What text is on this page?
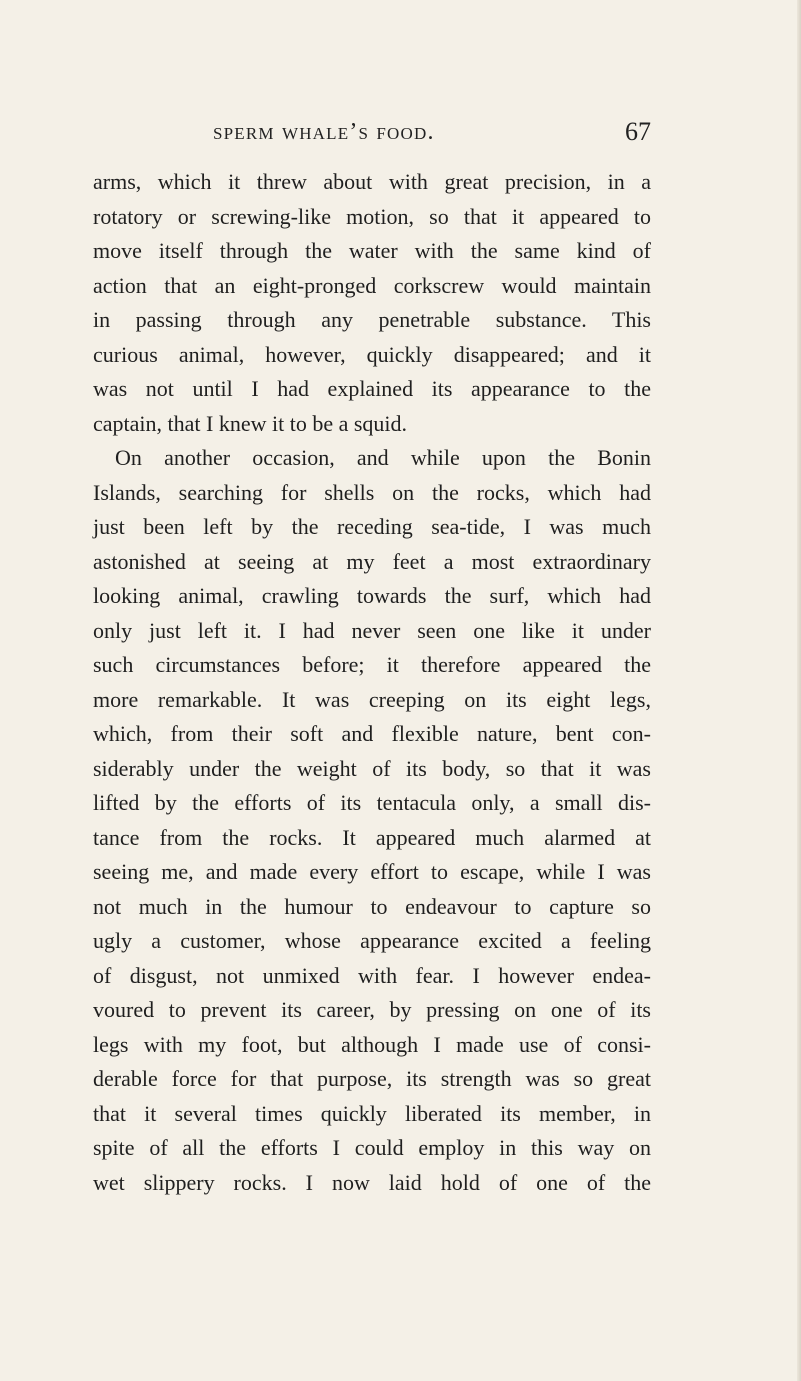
sperm whale’s food.	67
arms, which it threw about with great precision, in a
rotatory or screwing-like motion, so that it appeared to
move itself through the water with the same kind of
action that an eight-pronged corkscrew would maintain
in passing through any penetrable substance. This
curious animal, however, quickly disappeared; and it
was not until I had explained its appearance to the
captain, that I knew it to be a squid.
On another occasion, and while upon the Bonin
Islands, searching for shells on the rocks, which had
just been left by the receding sea-tide, I was much
astonished at seeing at my feet a most extraordinary
looking animal, crawling towards the surf, which had
only just left it. I had never seen one like it under
such circumstances before; it therefore appeared the
more remarkable. It was creeping on its eight legs,
which, from their soft and flexible nature, bent con-
siderably under the weight of its body, so that it was
lifted by the efforts of its tentacula only, a small dis-
tance from the rocks. It appeared much alarmed at
seeing me, and made every effort to escape, while I was
not much in the humour to endeavour to capture so
ugly a customer, whose appearance excited a feeling
of disgust, not unmixed with fear. I however endea-
voured to prevent its career, by pressing on one of its
legs with my foot, but although I made use of consi-
derable force for that purpose, its strength was so great
that it several times quickly liberated its member, in
spite of all the efforts I could employ in this way on
wet slippery rocks. I now laid hold of one of the
